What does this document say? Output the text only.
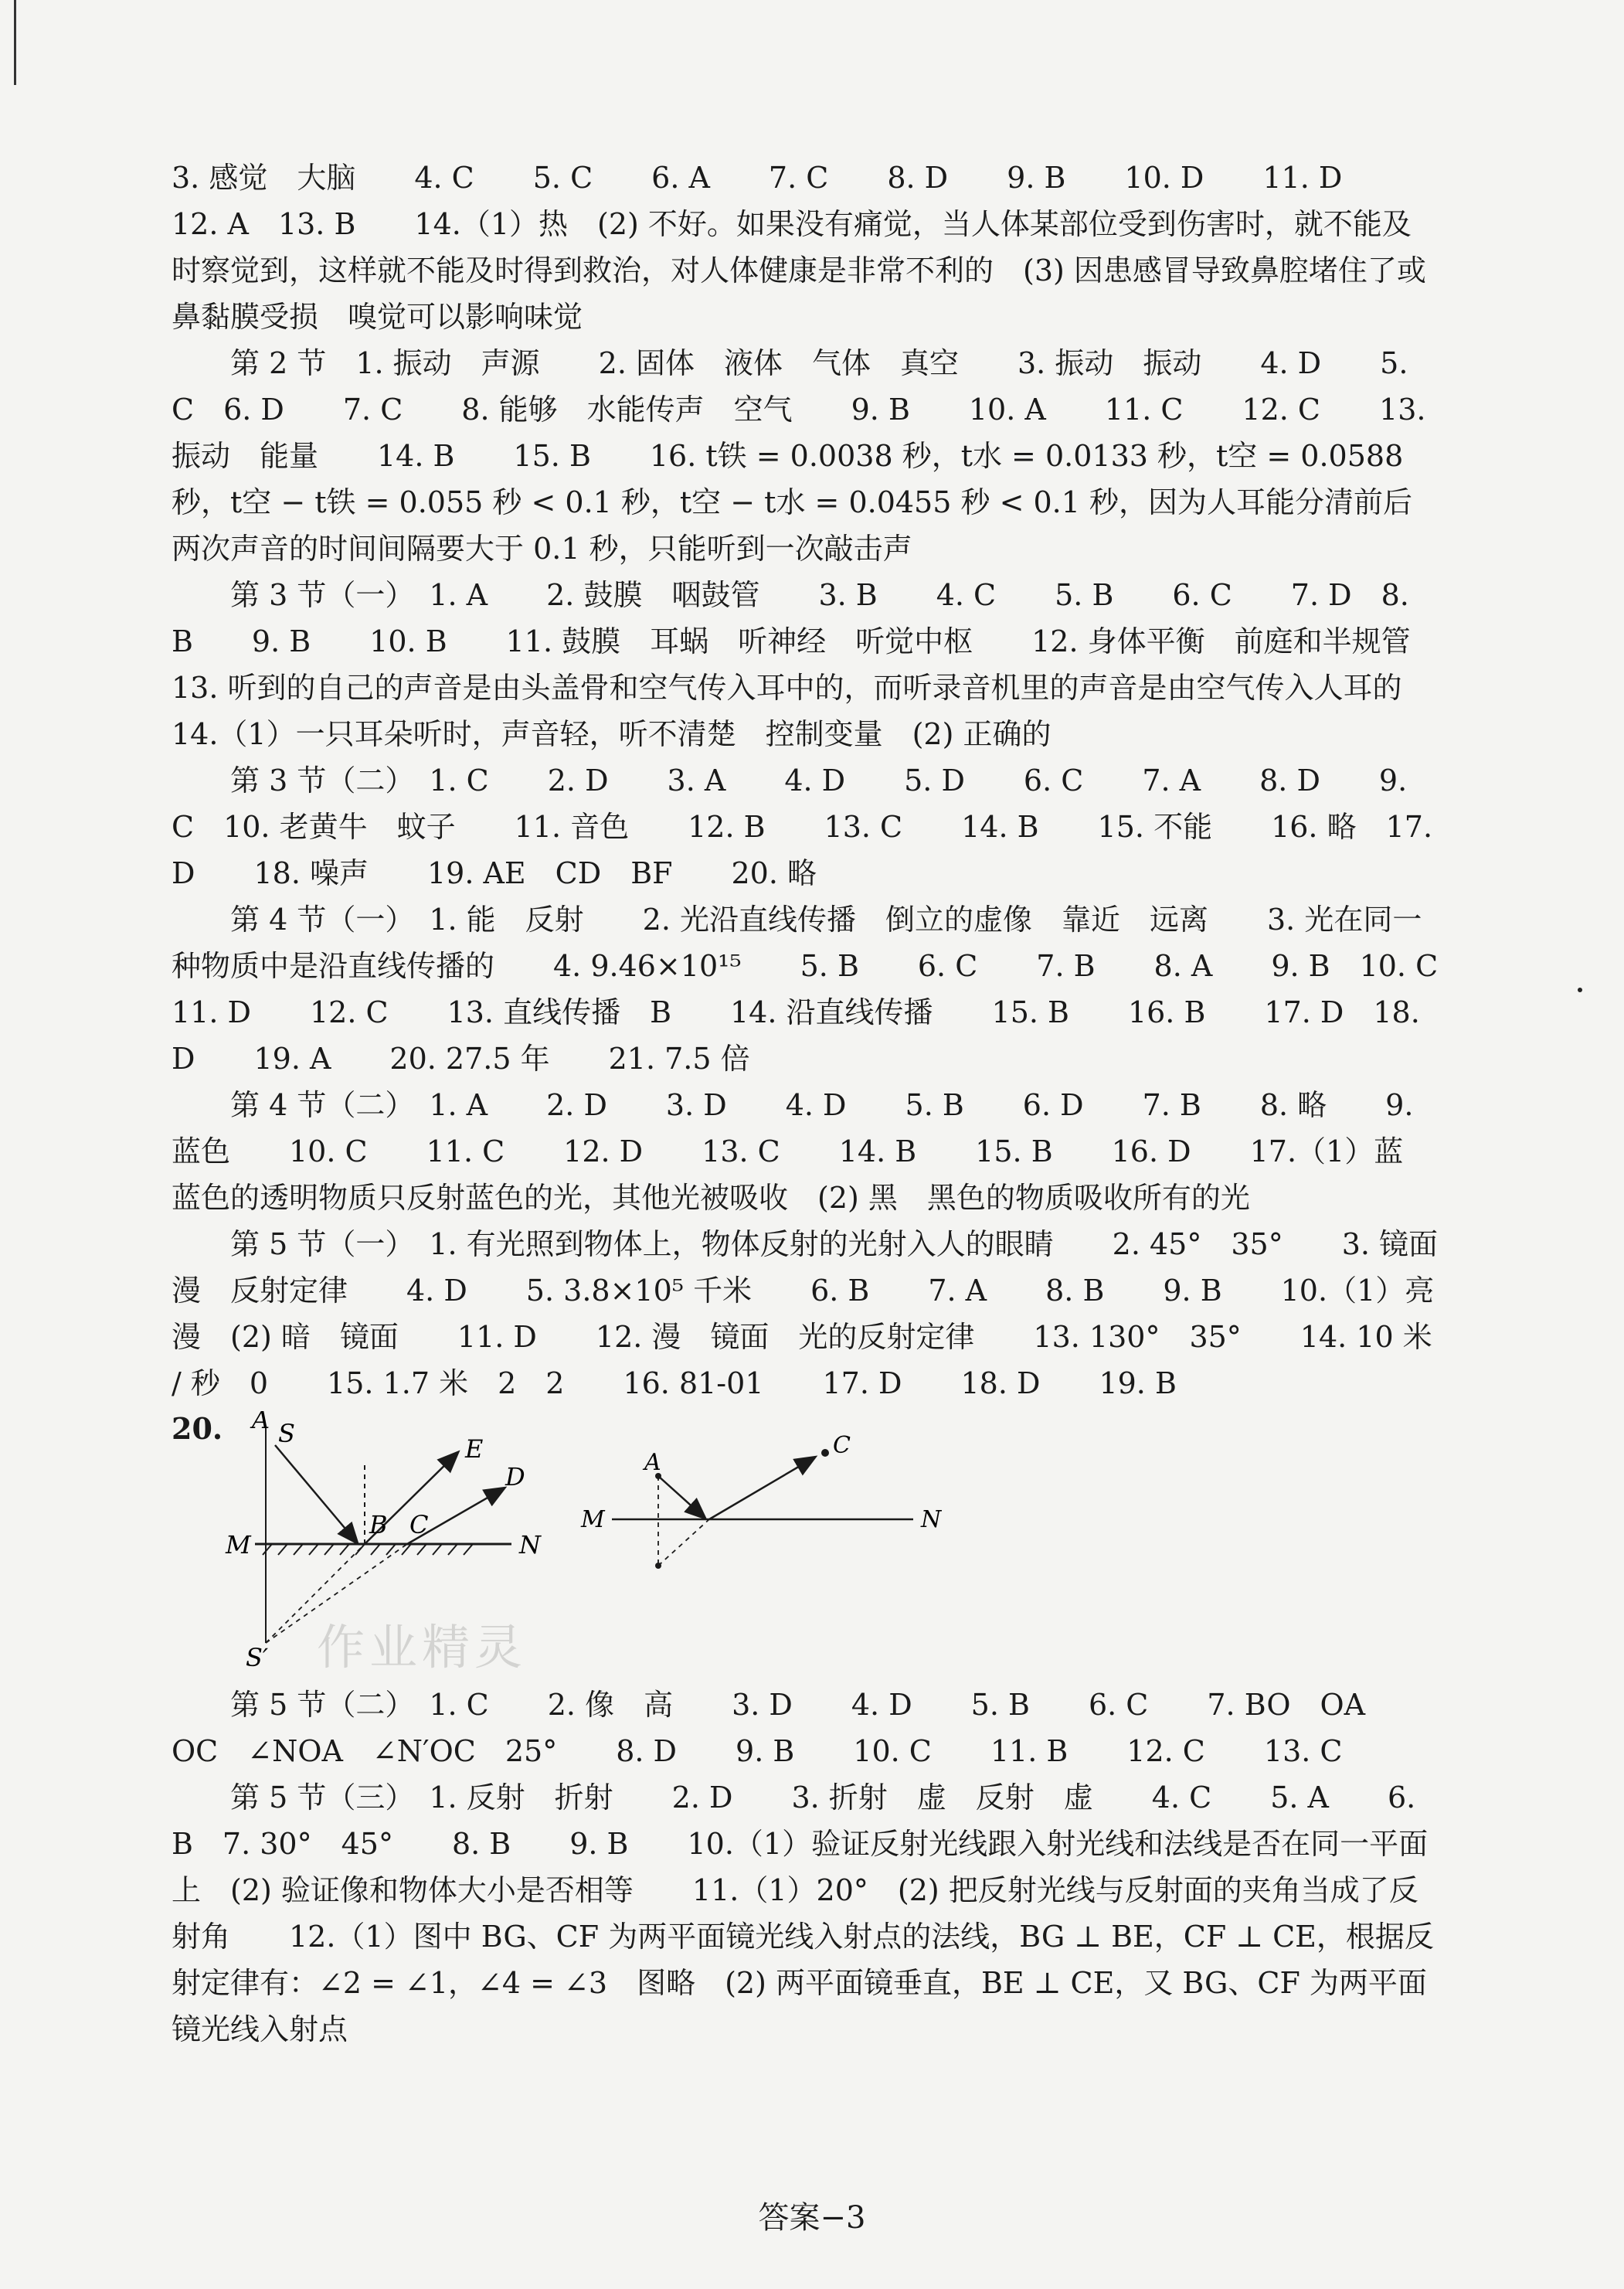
3. 感觉　大脑　　4. C　　5. C　　6. A　　7. C　　8. D　　9. B　　10. D　　11. D　　12. A　13. B　　14.（1）热　(2) 不好。如果没有痛觉，当人体某部位受到伤害时，就不能及时察觉到，这样就不能及时得到救治，对人体健康是非常不利的　(3) 因患感冒导致鼻腔堵住了或鼻黏膜受损　嗅觉可以影响味觉

第 2 节　1. 振动　声源　　2. 固体　液体　气体　真空　　3. 振动　振动　　4. D　　5. C　6. D　　7. C　　8. 能够　水能传声　空气　　9. B　　10. A　　11. C　　12. C　　13. 振动　能量　　14. B　　15. B　　16. t铁 = 0.0038 秒，t水 = 0.0133 秒，t空 = 0.0588 秒，t空 − t铁 = 0.055 秒 < 0.1 秒，t空 − t水 = 0.0455 秒 < 0.1 秒，因为人耳能分清前后两次声音的时间间隔要大于 0.1 秒，只能听到一次敲击声

第 3 节（一）　1. A　　2. 鼓膜　咽鼓管　　3. B　　4. C　　5. B　　6. C　　7. D　8. B　　9. B　　10. B　　11. 鼓膜　耳蜗　听神经　听觉中枢　　12. 身体平衡　前庭和半规管　　13. 听到的自己的声音是由头盖骨和空气传入耳中的，而听录音机里的声音是由空气传入人耳的　　14.（1）一只耳朵听时，声音轻，听不清楚　控制变量　(2) 正确的

第 3 节（二）　1. C　　2. D　　3. A　　4. D　　5. D　　6. C　　7. A　　8. D　　9. C　10. 老黄牛　蚊子　　11. 音色　　12. B　　13. C　　14. B　　15. 不能　　16. 略　17. D　　18. 噪声　　19. AE　CD　BF　　20. 略

第 4 节（一）　1. 能　反射　　2. 光沿直线传播　倒立的虚像　靠近　远离　　3. 光在同一种物质中是沿直线传播的　　4. 9.46×10¹⁵　　5. B　　6. C　　7. B　　8. A　　9. B　10. C　　11. D　　12. C　　13. 直线传播　B　　14. 沿直线传播　　15. B　　16. B　　17. D　18. D　　19. A　　20. 27.5 年　　21. 7.5 倍

第 4 节（二）　1. A　　2. D　　3. D　　4. D　　5. B　　6. D　　7. B　　8. 略　　9. 蓝色　　10. C　　11. C　　12. D　　13. C　　14. B　　15. B　　16. D　　17.（1）蓝　蓝色的透明物质只反射蓝色的光，其他光被吸收　(2) 黑　黑色的物质吸收所有的光

第 5 节（一）　1. 有光照到物体上，物体反射的光射入人的眼睛　　2. 45°　35°　　3. 镜面　漫　反射定律　　4. D　　5. 3.8×10⁵ 千米　　6. B　　7. A　　8. B　　9. B　　10.（1）亮　漫　(2) 暗　镜面　　11. D　　12. 漫　镜面　光的反射定律　　13. 130°　35°　　14. 10 米 / 秒　0　　15. 1.7 米　2　2　　16. 81-01　　17. D　　18. D　　19. B

20. A S
E
D
B C
M	N
S′
A
C
M	N

第 5 节（二）　1. C　　2. 像　高　　3. D　　4. D　　5. B　　6. C　　7. BO　OA　OC　∠NOA　∠N′OC　25°　　8. D　　9. B　　10. C　　11. B　　12. C　　13. C

第 5 节（三）　1. 反射　折射　　2. D　　3. 折射　虚　反射　虚　　4. C　　5. A　　6. B　7. 30°　45°　　8. B　　9. B　　10.（1）验证反射光线跟入射光线和法线是否在同一平面上　(2) 验证像和物体大小是否相等　　11.（1）20°　(2) 把反射光线与反射面的夹角当成了反射角　　12.（1）图中 BG、CF 为两平面镜光线入射点的法线，BG ⊥ BE，CF ⊥ CE，根据反射定律有：∠2 = ∠1，∠4 = ∠3　图略　(2) 两平面镜垂直，BE ⊥ CE，又 BG、CF 为两平面镜光线入射点

作业精灵
答案−3
